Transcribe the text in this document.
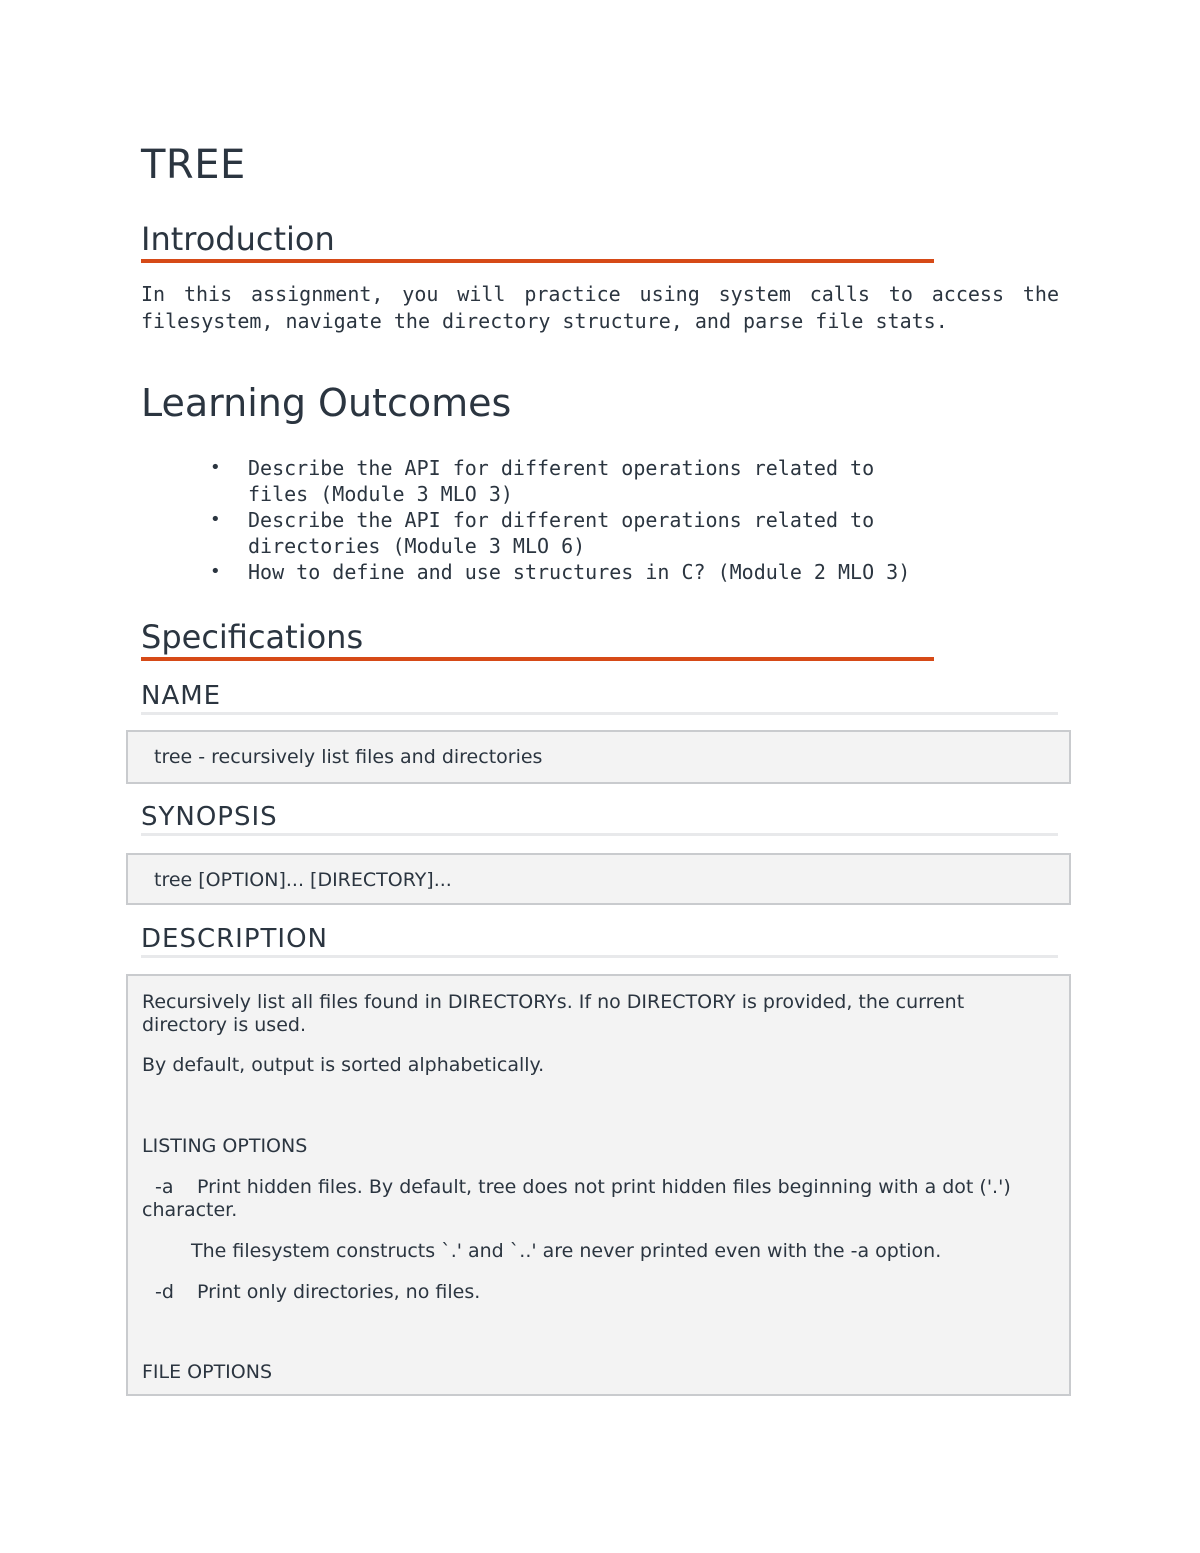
TREE
Introduction

In this assignment, you will practice using system calls to access the filesystem, navigate the directory structure, and parse file stats.

Learning Outcomes
• Describe the API for different operations related to
files (Module 3 MLO 3)
• Describe the API for different operations related to
directories (Module 3 MLO 6)
• How to define and use structures in C? (Module 2 MLO 3)
Specifications
NAME
tree - recursively list files and directories
SYNOPSIS
tree [OPTION]... [DIRECTORY]...
DESCRIPTION

Recursively list all files found in DIRECTORYs. If no DIRECTORY is provided, the current directory is used.

By default, output is sorted alphabetically.

LISTING OPTIONS

-a Print hidden files. By default, tree does not print hidden files beginning with a dot ('.') character.

The filesystem constructs `.' and `..' are never printed even with the -a option.

-d Print only directories, no files.

FILE OPTIONS
